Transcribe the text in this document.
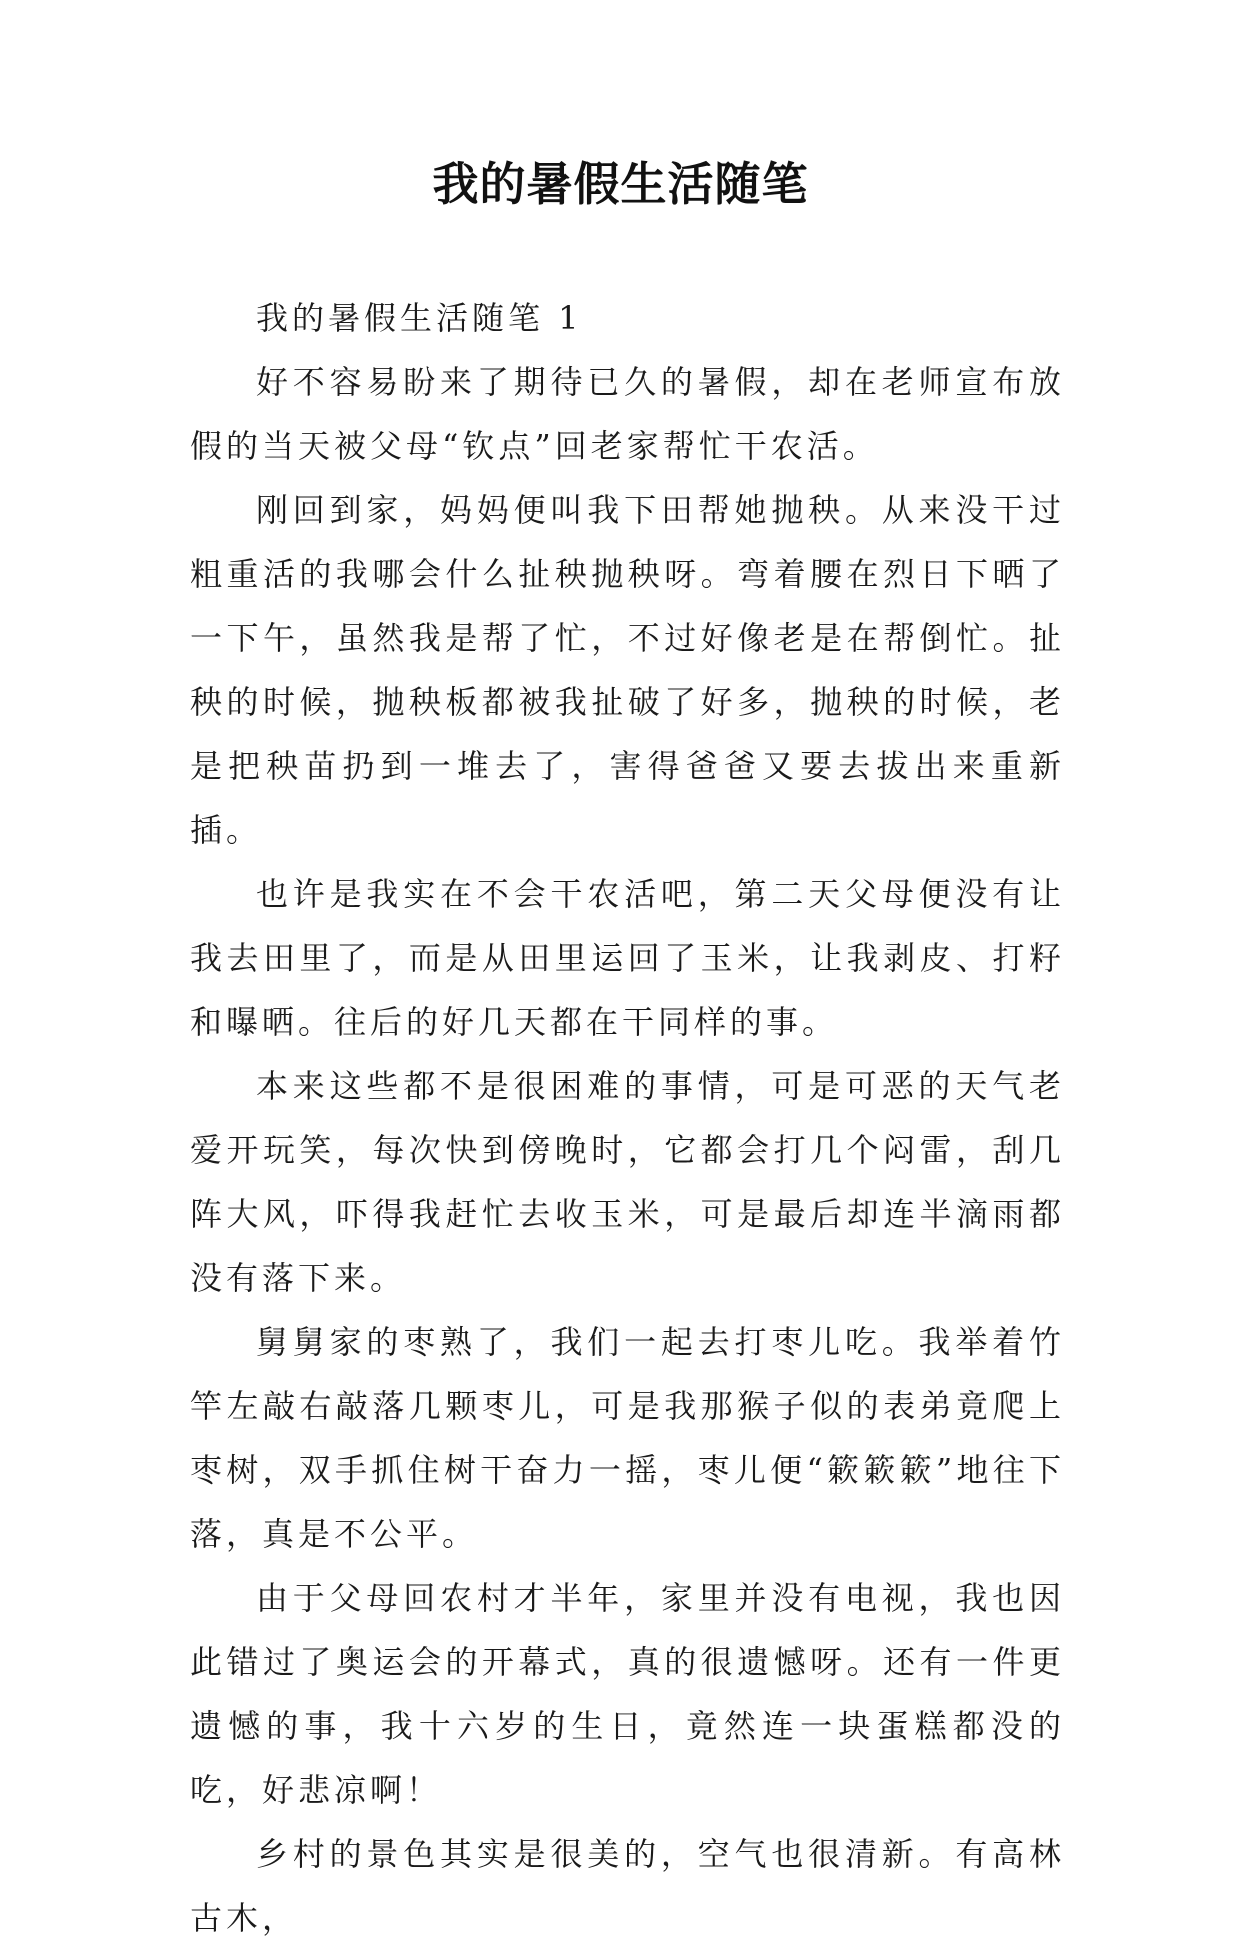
我的暑假生活随笔

我的暑假生活随笔 1

好不容易盼来了期待已久的暑假，却在老师宣布放假的当天被父母“钦点”回老家帮忙干农活。

刚回到家，妈妈便叫我下田帮她抛秧。从来没干过粗重活的我哪会什么扯秧抛秧呀。弯着腰在烈日下晒了一下午，虽然我是帮了忙，不过好像老是在帮倒忙。扯秧的时候，抛秧板都被我扯破了好多，抛秧的时候，老是把秧苗扔到一堆去了，害得爸爸又要去拔出来重新插。

也许是我实在不会干农活吧，第二天父母便没有让我去田里了，而是从田里运回了玉米，让我剥皮、打籽和曝晒。往后的好几天都在干同样的事。

本来这些都不是很困难的事情，可是可恶的天气老爱开玩笑，每次快到傍晚时，它都会打几个闷雷，刮几阵大风，吓得我赶忙去收玉米，可是最后却连半滴雨都没有落下来。

舅舅家的枣熟了，我们一起去打枣儿吃。我举着竹竿左敲右敲落几颗枣儿，可是我那猴子似的表弟竟爬上枣树，双手抓住树干奋力一摇，枣儿便“簌簌簌”地往下落，真是不公平。

由于父母回农村才半年，家里并没有电视，我也因此错过了奥运会的开幕式，真的很遗憾呀。还有一件更遗憾的事，我十六岁的生日，竟然连一块蛋糕都没的吃，好悲凉啊！

乡村的景色其实是很美的，空气也很清新。有高林古木，
